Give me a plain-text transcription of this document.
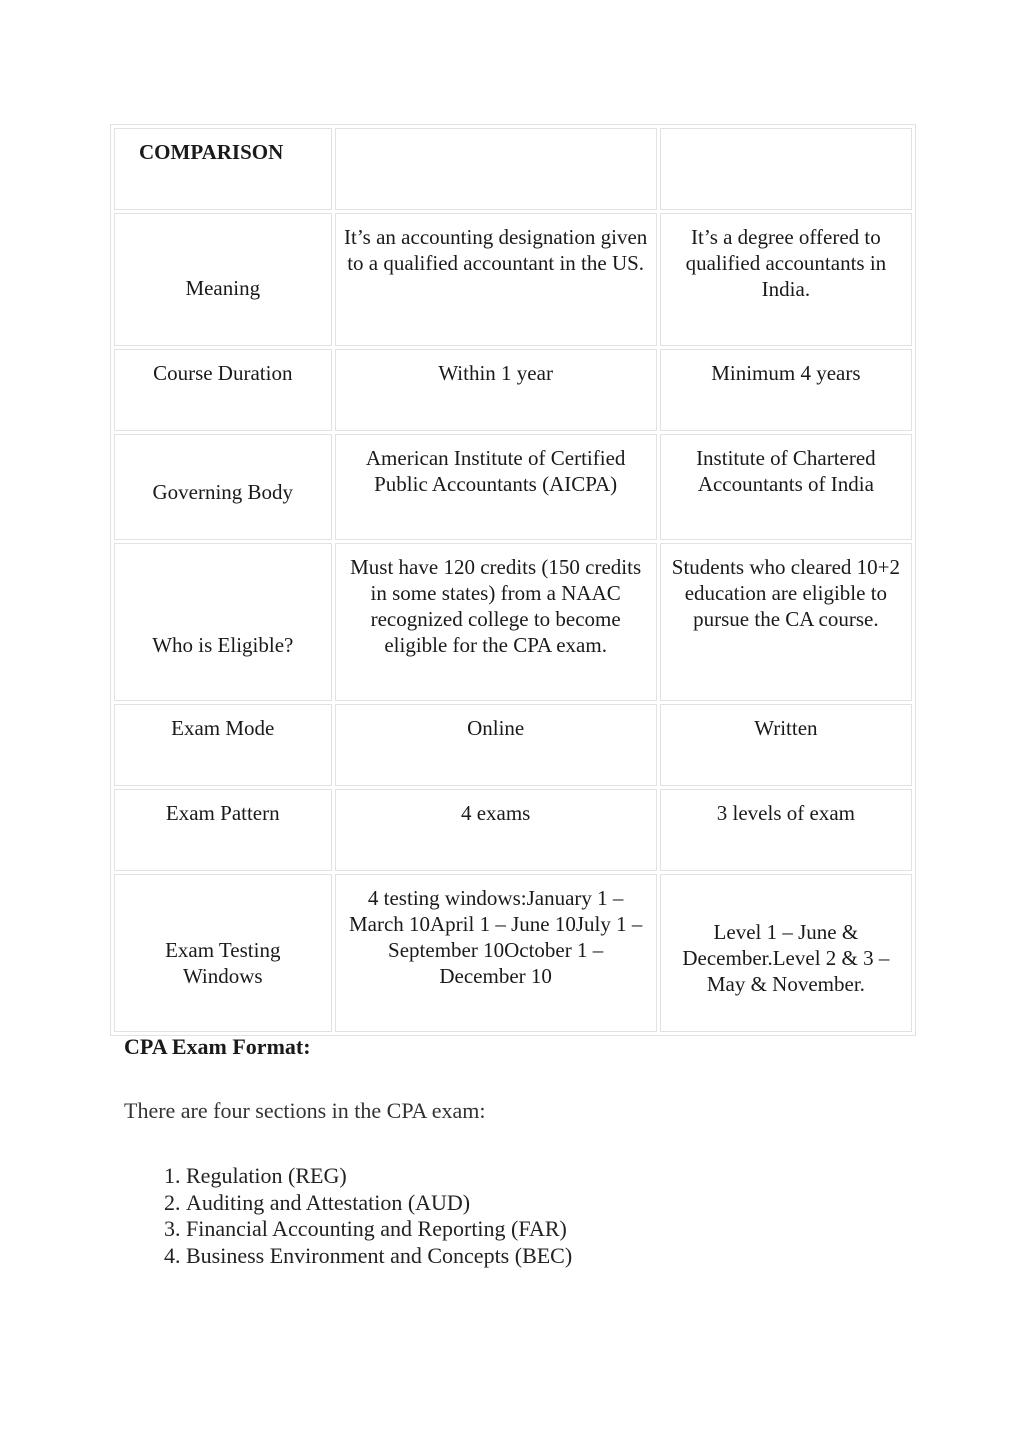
COMPARISON		
Meaning	It’s an accounting designation given to a qualified accountant in the US.	It’s a degree offered to qualified accountants in India.
Course Duration	Within 1 year	Minimum 4 years
Governing Body	American Institute of Certified Public Accountants (AICPA)	Institute of Chartered Accountants of India
Who is Eligible?	Must have 120 credits (150 credits in some states) from a NAAC recognized college to become eligible for the CPA exam.	Students who cleared 10+2 education are eligible to pursue the CA course.
Exam Mode	Online	Written
Exam Pattern	4 exams	3 levels of exam
Exam Testing Windows	4 testing windows:January 1 – March 10April 1 – June 10July 1 – September 10October 1 – December 10	Level 1 – June & December.Level 2 & 3 – May & November.
CPA Exam Format:
There are four sections in the CPA exam:
1. Regulation (REG)
2. Auditing and Attestation (AUD)
3. Financial Accounting and Reporting (FAR)
4. Business Environment and Concepts (BEC)
